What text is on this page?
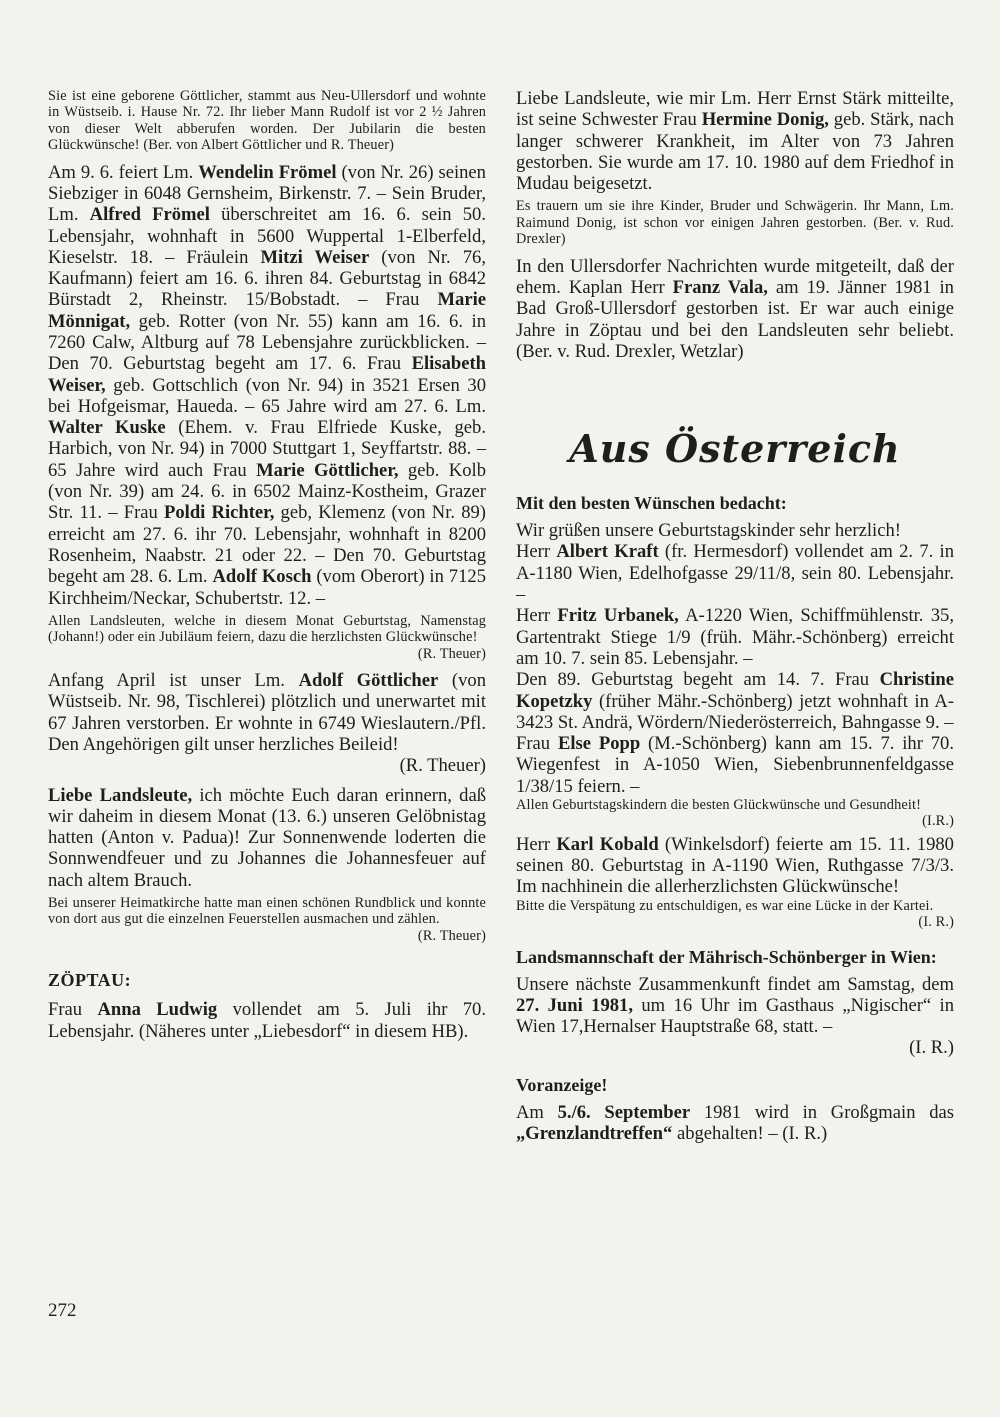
Sie ist eine geborene Göttlicher, stammt aus Neu-Ullersdorf und wohnte in Wüstseib. i. Hause Nr. 72. Ihr lieber Mann Rudolf ist vor 2 ½ Jahren von dieser Welt abberufen worden. Der Jubilarin die besten Glückwünsche! (Ber. von Albert Göttlicher und R. Theuer)

Am 9. 6. feiert Lm. Wendelin Frömel (von Nr. 26) seinen Siebziger in 6048 Gernsheim, Birkenstr. 7. – Sein Bruder, Lm. Alfred Frömel überschreitet am 16. 6. sein 50. Lebensjahr, wohnhaft in 5600 Wuppertal 1-Elberfeld, Kieselstr. 18. – Fräulein Mitzi Weiser (von Nr. 76, Kaufmann) feiert am 16. 6. ihren 84. Geburtstag in 6842 Bürstadt 2, Rheinstr. 15/Bobstadt. – Frau Marie Mönnigat, geb. Rotter (von Nr. 55) kann am 16. 6. in 7260 Calw, Altburg auf 78 Lebensjahre zurückblicken. – Den 70. Geburtstag begeht am 17. 6. Frau Elisabeth Weiser, geb. Gottschlich (von Nr. 94) in 3521 Ersen 30 bei Hofgeismar, Haueda. – 65 Jahre wird am 27. 6. Lm. Walter Kuske (Ehem. v. Frau Elfriede Kuske, geb. Harbich, von Nr. 94) in 7000 Stuttgart 1, Seyffartstr. 88. – 65 Jahre wird auch Frau Marie Göttlicher, geb. Kolb (von Nr. 39) am 24. 6. in 6502 Mainz-Kostheim, Grazer Str. 11. – Frau Poldi Richter, geb, Klemenz (von Nr. 89) erreicht am 27. 6. ihr 70. Lebensjahr, wohnhaft in 8200 Rosenheim, Naabstr. 21 oder 22. – Den 70. Geburtstag begeht am 28. 6. Lm. Adolf Kosch (vom Oberort) in 7125 Kirchheim/Neckar, Schubertstr. 12. –

Allen Landsleuten, welche in diesem Monat Geburtstag, Namenstag (Johann!) oder ein Jubiläum feiern, dazu die herzlichsten Glückwünsche!

(R. Theuer)

Anfang April ist unser Lm. Adolf Göttlicher (von Wüstseib. Nr. 98, Tischlerei) plötzlich und unerwartet mit 67 Jahren verstorben. Er wohnte in 6749 Wieslautern./Pfl. Den Angehörigen gilt unser herzliches Beileid!

(R. Theuer)

Liebe Landsleute, ich möchte Euch daran erinnern, daß wir daheim in diesem Monat (13. 6.) unseren Gelöbnistag hatten (Anton v. Padua)! Zur Sonnenwende loderten die Sonnwendfeuer und zu Johannes die Johannesfeuer auf nach altem Brauch.

Bei unserer Heimatkirche hatte man einen schönen Rundblick und konnte von dort aus gut die einzelnen Feuerstellen ausmachen und zählen.

(R. Theuer)
ZÖPTAU:

Frau Anna Ludwig vollendet am 5. Juli ihr 70. Lebensjahr. (Näheres unter „Liebesdorf“ in diesem HB).

Liebe Landsleute, wie mir Lm. Herr Ernst Stärk mitteilte, ist seine Schwester Frau Hermine Donig, geb. Stärk, nach langer schwerer Krankheit, im Alter von 73 Jahren gestorben. Sie wurde am 17. 10. 1980 auf dem Friedhof in Mudau beigesetzt.

Es trauern um sie ihre Kinder, Bruder und Schwägerin. Ihr Mann, Lm. Raimund Donig, ist schon vor einigen Jahren gestorben. (Ber. v. Rud. Drexler)

In den Ullersdorfer Nachrichten wurde mitgeteilt, daß der ehem. Kaplan Herr Franz Vala, am 19. Jänner 1981 in Bad Groß-Ullersdorf gestorben ist. Er war auch einige Jahre in Zöptau und bei den Landsleuten sehr beliebt. (Ber. v. Rud. Drexler, Wetzlar)

Aus Österreich
Mit den besten Wünschen bedacht:

Wir grüßen unsere Geburtstagskinder sehr herzlich!

Herr Albert Kraft (fr. Hermesdorf) vollendet am 2. 7. in A-1180 Wien, Edelhofgasse 29/11/8, sein 80. Lebensjahr. –

Herr Fritz Urbanek, A-1220 Wien, Schiffmühlenstr. 35, Gartentrakt Stiege 1/9 (früh. Mähr.-Schönberg) erreicht am 10. 7. sein 85. Lebensjahr. –

Den 89. Geburtstag begeht am 14. 7. Frau Christine Kopetzky (früher Mähr.-Schönberg) jetzt wohnhaft in A-3423 St. Andrä, Wördern/Niederösterreich, Bahngasse 9. –

Frau Else Popp (M.-Schönberg) kann am 15. 7. ihr 70. Wiegenfest in A-1050 Wien, Siebenbrunnenfeldgasse 1/38/15 feiern. –

Allen Geburtstagskindern die besten Glückwünsche und Gesundheit!

(I.R.)

Herr Karl Kobald (Winkelsdorf) feierte am 15. 11. 1980 seinen 80. Geburtstag in A-1190 Wien, Ruthgasse 7/3/3. Im nachhinein die allerherzlichsten Glückwünsche!

Bitte die Verspätung zu entschuldigen, es war eine Lücke in der Kartei.

(I. R.)
Landsmannschaft der Mährisch-Schönberger in Wien:

Unsere nächste Zusammenkunft findet am Samstag, dem 27. Juni 1981, um 16 Uhr im Gasthaus „Nigischer“ in Wien 17,Hernalser Hauptstraße 68, statt. –

(I. R.)
Voranzeige!

Am 5./6. September 1981 wird in Großgmain das „Grenzlandtreffen“ abgehalten! – (I. R.)

272
